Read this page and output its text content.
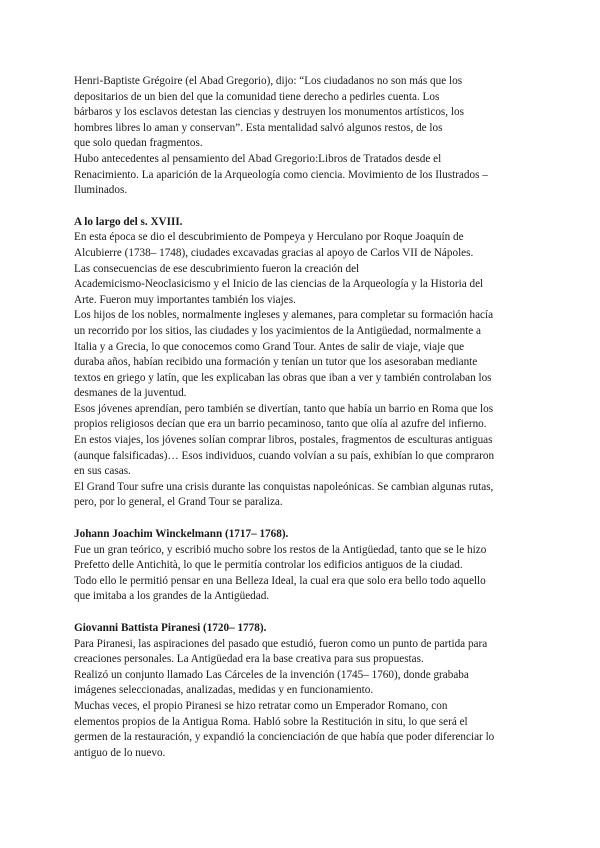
Henri-Baptiste Grégoire (el Abad Gregorio), dijo: “Los ciudadanos no son más que los
depositarios de un bien del que la comunidad tiene derecho a pedirles cuenta. Los
bárbaros y los esclavos detestan las ciencias y destruyen los monumentos artísticos, los
hombres libres lo aman y conservan”. Esta mentalidad salvó algunos restos, de los
que solo quedan fragmentos.
Hubo antecedentes al pensamiento del Abad Gregorio:Libros de Tratados desde el
Renacimiento. La aparición de la Arqueología como ciencia. Movimiento de los Ilustrados –
Iluminados.
A lo largo del s. XVIII.
En esta época se dio el descubrimiento de Pompeya y Herculano por Roque Joaquín de
Alcubierre (1738– 1748), ciudades excavadas gracias al apoyo de Carlos VII de Nápoles.
Las consecuencias de ese descubrimiento fueron la creación del
Academicismo-Neoclasicismo y el Inicio de las ciencias de la Arqueología y la Historia del
Arte. Fueron muy importantes también los viajes.
Los hijos de los nobles, normalmente ingleses y alemanes, para completar su formación hacía
un recorrido por los sitios, las ciudades y los yacimientos de la Antigüedad, normalmente a
Italia y a Grecia, lo que conocemos como Grand Tour. Antes de salir de viaje, viaje que
duraba años, habían recibido una formación y tenían un tutor que los asesoraban mediante
textos en griego y latín, que les explicaban las obras que iban a ver y también controlaban los
desmanes de la juventud.
Esos jóvenes aprendían, pero también se divertían, tanto que había un barrio en Roma que los
propios religiosos decían que era un barrio pecaminoso, tanto que olía al azufre del infierno.
En estos viajes, los jóvenes solían comprar libros, postales, fragmentos de esculturas antiguas
(aunque falsificadas)… Esos individuos, cuando volvían a su país, exhibían lo que compraron
en sus casas.
El Grand Tour sufre una crisis durante las conquistas napoleónicas. Se cambian algunas rutas,
pero, por lo general, el Grand Tour se paraliza.
Johann Joachim Winckelmann (1717– 1768).
Fue un gran teórico, y escribió mucho sobre los restos de la Antigüedad, tanto que se le hizo
Prefetto delle Antichità, lo que le permitía controlar los edificios antiguos de la ciudad.
Todo ello le permitió pensar en una Belleza Ideal, la cual era que solo era bello todo aquello
que imitaba a los grandes de la Antigüedad.
Giovanni Battista Piranesi (1720– 1778).
Para Piranesi, las aspiraciones del pasado que estudió, fueron como un punto de partida para
creaciones personales. La Antigüedad era la base creativa para sus propuestas.
Realizó un conjunto llamado Las Cárceles de la invención (1745– 1760), donde grababa
imágenes seleccionadas, analizadas, medidas y en funcionamiento.
Muchas veces, el propio Piranesi se hizo retratar como un Emperador Romano, con
elementos propios de la Antigua Roma. Habló sobre la Restitución in situ, lo que será el
germen de la restauración, y expandió la concienciación de que había que poder diferenciar lo
antiguo de lo nuevo.
